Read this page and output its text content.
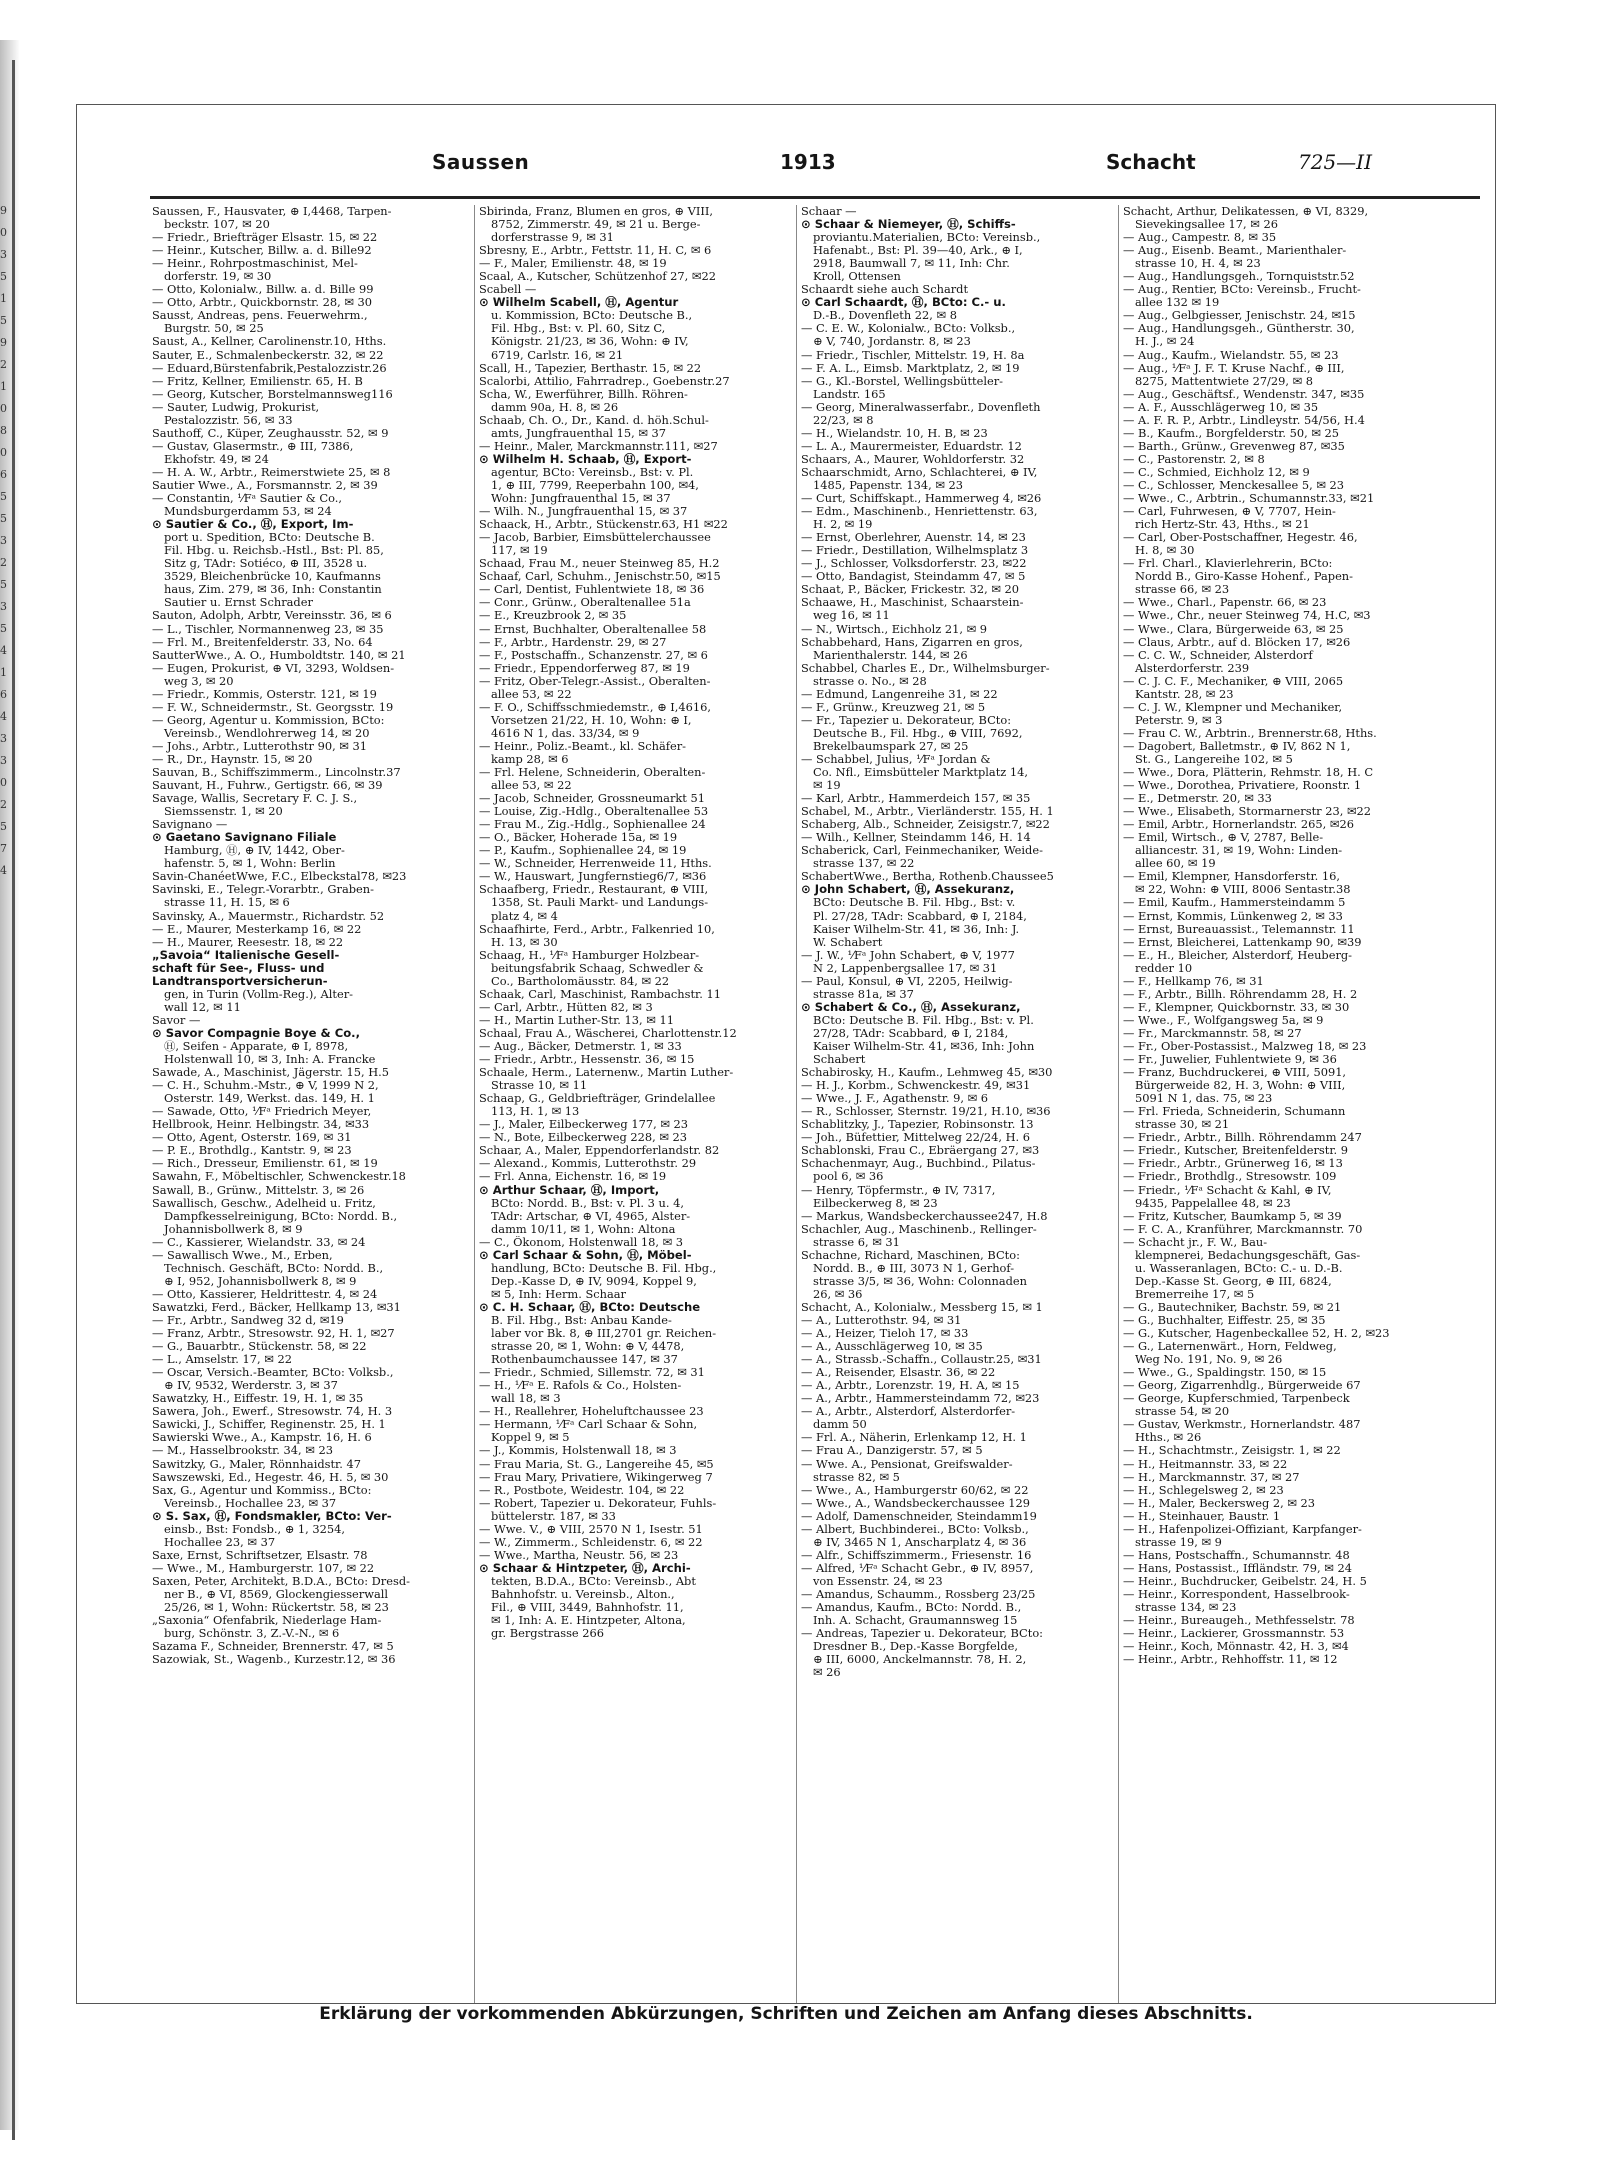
9
0
3
5
1
5
9
2
1
0
8
0
6
5
5
3
2
5
3
5
4
1
6
4
3
3
0
2
5
7
4
Saussen	1913	Schacht	725—II
Saussen, F., Hausvater, ⊕ I,4468, Tarpen-
beckstr. 107, ✉ 20
— Friedr., Briefträger Elsastr. 15, ✉ 22
— Heinr., Kutscher, Billw. a. d. Bille92
— Heinr., Rohrpostmaschinist, Mel-
dorferstr. 19, ✉ 30
— Otto, Kolonialw., Billw. a. d. Bille 99
— Otto, Arbtr., Quickbornstr. 28, ✉ 30
Sausst, Andreas, pens. Feuerwehrm.,
Burgstr. 50, ✉ 25
Saust, A., Kellner, Carolinenstr.10, Hths.
Sauter, E., Schmalenbeckerstr. 32, ✉ 22
— Eduard,Bürstenfabrik,Pestalozzistr.26
— Fritz, Kellner, Emilienstr. 65, H. B
— Georg, Kutscher, Borstelmannsweg116
— Sauter, Ludwig, Prokurist,
Pestalozzistr. 56, ✉ 33
Sauthoff, C., Küper, Zeughausstr. 52, ✉ 9
— Gustav, Glasermstr., ⊕ III, 7386,
Ekhofstr. 49, ✉ 24
— H. A. W., Arbtr., Reimerstwiete 25, ✉ 8
Sautier Wwe., A., Forsmannstr. 2, ✉ 39
— Constantin, ⅟Fᵃ Sautier & Co.,
Mundsburgerdamm 53, ✉ 24
⊙ Sautier & Co., Ⓗ, Export, Im-
port u. Spedition, BCto: Deutsche B.
Fil. Hbg. u. Reichsb.-Hstl., Bst: Pl. 85,
Sitz g, TAdr: Sotiéco, ⊕ III, 3528 u.
3529, Bleichenbrücke 10, Kaufmanns
haus, Zim. 279, ✉ 36, Inh: Constantin
Sautier u. Ernst Schrader
Sauton, Adolph, Arbtr, Vereinsstr. 36, ✉ 6
— L., Tischler, Normannenweg 23, ✉ 35
— Frl. M., Breitenfelderstr. 33, No. 64
SautterWwe., A. O., Humboldtstr. 140, ✉ 21
— Eugen, Prokurist, ⊕ VI, 3293, Woldsen-
weg 3, ✉ 20
— Friedr., Kommis, Osterstr. 121, ✉ 19
— F. W., Schneidermstr., St. Georgsstr. 19
— Georg, Agentur u. Kommission, BCto:
Vereinsb., Wendlohrerweg 14, ✉ 20
— Johs., Arbtr., Lutterothstr 90, ✉ 31
— R., Dr., Haynstr. 15, ✉ 20
Sauvan, B., Schiffszimmerm., Lincolnstr.37
Sauvant, H., Fuhrw., Gertigstr. 66, ✉ 39
Savage, Wallis, Secretary F. C. J. S.,
Siemssenstr. 1, ✉ 20
Savignano —
⊙ Gaetano Savignano Filiale
Hamburg, Ⓗ, ⊕ IV, 1442, Ober-
hafenstr. 5, ✉ 1, Wohn: Berlin
Savin-ChanéetWwe, F.C., Elbeckstal78, ✉23
Savinski, E., Telegr.-Vorarbtr., Graben-
strasse 11, H. 15, ✉ 6
Savinsky, A., Mauermstr., Richardstr. 52
— E., Maurer, Mesterkamp 16, ✉ 22
— H., Maurer, Reesestr. 18, ✉ 22
„Savoia“ Italienische Gesell-
schaft für See-, Fluss- und
Landtransportversicherun-
gen, in Turin (Vollm-Reg.), Alter-
wall 12, ✉ 11
Savor —
⊙ Savor Compagnie Boye & Co.,
Ⓗ, Seifen - Apparate, ⊕ I, 8978,
Holstenwall 10, ✉ 3, Inh: A. Francke
Sawade, A., Maschinist, Jägerstr. 15, H.5
— C. H., Schuhm.-Mstr., ⊕ V, 1999 N 2,
Osterstr. 149, Werkst. das. 149, H. 1
— Sawade, Otto, ⅟Fᵃ Friedrich Meyer,
Hellbrook, Heinr. Helbingstr. 34, ✉33
— Otto, Agent, Osterstr. 169, ✉ 31
— P. E., Brothdlg., Kantstr. 9, ✉ 23
— Rich., Dresseur, Emilienstr. 61, ✉ 19
Sawahn, F., Möbeltischler, Schwenckestr.18
Sawall, B., Grünw., Mittelstr. 3, ✉ 26
Sawallisch, Geschw., Adelheid u. Fritz,
Dampfkesselreinigung, BCto: Nordd. B.,
Johannisbollwerk 8, ✉ 9
— C., Kassierer, Wielandstr. 33, ✉ 24
— Sawallisch Wwe., M., Erben,
Technisch. Geschäft, BCto: Nordd. B.,
⊕ I, 952, Johannisbollwerk 8, ✉ 9
— Otto, Kassierer, Heldrittestr. 4, ✉ 24
Sawatzki, Ferd., Bäcker, Hellkamp 13, ✉31
— Fr., Arbtr., Sandweg 32 d, ✉19
— Franz, Arbtr., Stresowstr. 92, H. 1, ✉27
— G., Bauarbtr., Stückenstr. 58, ✉ 22
— L., Amselstr. 17, ✉ 22
— Oscar, Versich.-Beamter, BCto: Volksb.,
⊕ IV, 9532, Werderstr. 3, ✉ 37
Sawatzky, H., Eiffestr. 19, H. 1, ✉ 35
Sawera, Joh., Ewerf., Stresowstr. 74, H. 3
Sawicki, J., Schiffer, Reginenstr. 25, H. 1
Sawierski Wwe., A., Kampstr. 16, H. 6
— M., Hasselbrookstr. 34, ✉ 23
Sawitzky, G., Maler, Rönnhaidstr. 47
Sawszewski, Ed., Hegestr. 46, H. 5, ✉ 30
Sax, G., Agentur und Kommiss., BCto:
Vereinsb., Hochallee 23, ✉ 37
⊙ S. Sax, Ⓗ, Fondsmakler, BCto: Ver-
einsb., Bst: Fondsb., ⊕ 1, 3254,
Hochallee 23, ✉ 37
Saxe, Ernst, Schriftsetzer, Elsastr. 78
— Wwe., M., Hamburgerstr. 107, ✉ 22
Saxen, Peter, Architekt, B.D.A., BCto: Dresd-
ner B., ⊕ VI, 8569, Glockengiesserwall
25/26, ✉ 1, Wohn: Rückertstr. 58, ✉ 23
„Saxonia“ Ofenfabrik, Niederlage Ham-
burg, Schönstr. 3, Z.-V.-N., ✉ 6
Sazama F., Schneider, Brennerstr. 47, ✉ 5
Sazowiak, St., Wagenb., Kurzestr.12, ✉ 36
Sbirinda, Franz, Blumen en gros, ⊕ VIII,
8752, Zimmerstr. 49, ✉ 21 u. Berge-
dorferstrasse 9, ✉ 31
Sbresny, E., Arbtr., Fettstr. 11, H. C, ✉ 6
— F., Maler, Emilienstr. 48, ✉ 19
Scaal, A., Kutscher, Schützenhof 27, ✉22
Scabell —
⊙ Wilhelm Scabell, Ⓗ, Agentur
u. Kommission, BCto: Deutsche B.,
Fil. Hbg., Bst: v. Pl. 60, Sitz C,
Königstr. 21/23, ✉ 36, Wohn: ⊕ IV,
6719, Carlstr. 16, ✉ 21
Scall, H., Tapezier, Berthastr. 15, ✉ 22
Scalorbi, Attilio, Fahrradrep., Goebenstr.27
Scha, W., Ewerführer, Billh. Röhren-
damm 90a, H. 8, ✉ 26
Schaab, Ch. O., Dr., Kand. d. höh.Schul-
amts, Jungfrauenthal 15, ✉ 37
— Heinr., Maler, Marckmannstr.111, ✉27
⊙ Wilhelm H. Schaab, Ⓗ, Export-
agentur, BCto: Vereinsb., Bst: v. Pl.
1, ⊕ III, 7799, Reeperbahn 100, ✉4,
Wohn: Jungfrauenthal 15, ✉ 37
— Wilh. N., Jungfrauenthal 15, ✉ 37
Schaack, H., Arbtr., Stückenstr.63, H1 ✉22
— Jacob, Barbier, Eimsbüttelerchaussee
117, ✉ 19
Schaad, Frau M., neuer Steinweg 85, H.2
Schaaf, Carl, Schuhm., Jenischstr.50, ✉15
— Carl, Dentist, Fuhlentwiete 18, ✉ 36
— Conr., Grünw., Oberaltenallee 51a
— E., Kreuzbrook 2, ✉ 35
— Ernst, Buchhalter, Oberaltenallee 58
— F., Arbtr., Hardenstr. 29, ✉ 27
— F., Postschaffn., Schanzenstr. 27, ✉ 6
— Friedr., Eppendorferweg 87, ✉ 19
— Fritz, Ober-Telegr.-Assist., Oberalten-
allee 53, ✉ 22
— F. O., Schiffsschmiedemstr., ⊕ I,4616,
Vorsetzen 21/22, H. 10, Wohn: ⊕ I,
4616 N 1, das. 33/34, ✉ 9
— Heinr., Poliz.-Beamt., kl. Schäfer-
kamp 28, ✉ 6
— Frl. Helene, Schneiderin, Oberalten-
allee 53, ✉ 22
— Jacob, Schneider, Grossneumarkt 51
— Louise, Zig.-Hdlg., Oberaltenallee 53
— Frau M., Zig.-Hdlg., Sophienallee 24
— O., Bäcker, Hoherade 15a, ✉ 19
— P., Kaufm., Sophienallee 24, ✉ 19
— W., Schneider, Herrenweide 11, Hths.
— W., Hauswart, Jungfernstieg6/7, ✉36
Schaafberg, Friedr., Restaurant, ⊕ VIII,
1358, St. Pauli Markt- und Landungs-
platz 4, ✉ 4
Schaafhirte, Ferd., Arbtr., Falkenried 10,
H. 13, ✉ 30
Schaag, H., ⅟Fᵃ Hamburger Holzbear-
beitungsfabrik Schaag, Schwedler &
Co., Bartholomäusstr. 84, ✉ 22
Schaak, Carl, Maschinist, Rambachstr. 11
— Carl, Arbtr., Hütten 82, ✉ 3
— H., Martin Luther-Str. 13, ✉ 11
Schaal, Frau A., Wäscherei, Charlottenstr.12
— Aug., Bäcker, Detmerstr. 1, ✉ 33
— Friedr., Arbtr., Hessenstr. 36, ✉ 15
Schaale, Herm., Laternenw., Martin Luther-
Strasse 10, ✉ 11
Schaap, G., Geldbriefträger, Grindelallee
113, H. 1, ✉ 13
— J., Maler, Eilbeckerweg 177, ✉ 23
— N., Bote, Eilbeckerweg 228, ✉ 23
Schaar, A., Maler, Eppendorferlandstr. 82
— Alexand., Kommis, Lutterothstr. 29
— Frl. Anna, Eichenstr. 16, ✉ 19
⊙ Arthur Schaar, Ⓗ, Import,
BCto: Nordd. B., Bst: v. Pl. 3 u. 4,
TAdr: Artschar, ⊕ VI, 4965, Alster-
damm 10/11, ✉ 1, Wohn: Altona
— C., Ökonom, Holstenwall 18, ✉ 3
⊙ Carl Schaar & Sohn, Ⓗ, Möbel-
handlung, BCto: Deutsche B. Fil. Hbg.,
Dep.-Kasse D, ⊕ IV, 9094, Koppel 9,
✉ 5, Inh: Herm. Schaar
⊙ C. H. Schaar, Ⓗ, BCto: Deutsche
B. Fil. Hbg., Bst: Anbau Kande-
laber vor Bk. 8, ⊕ III,2701 gr. Reichen-
strasse 20, ✉ 1, Wohn: ⊕ V, 4478,
Rothenbaumchaussee 147, ✉ 37
— Friedr., Schmied, Sillemstr. 72, ✉ 31
— H., ⅟Fᵃ E. Rafols & Co., Holsten-
wall 18, ✉ 3
— H., Reallehrer, Hoheluftchaussee 23
— Hermann, ⅟Fᵃ Carl Schaar & Sohn,
Koppel 9, ✉ 5
— J., Kommis, Holstenwall 18, ✉ 3
— Frau Maria, St. G., Langereihe 45, ✉5
— Frau Mary, Privatiere, Wikingerweg 7
— R., Postbote, Weidestr. 104, ✉ 22
— Robert, Tapezier u. Dekorateur, Fuhls-
büttelerstr. 187, ✉ 33
— Wwe. V., ⊕ VIII, 2570 N 1, Isestr. 51
— W., Zimmerm., Schleidenstr. 6, ✉ 22
— Wwe., Martha, Neustr. 56, ✉ 23
⊙ Schaar & Hintzpeter, Ⓗ, Archi-
tekten, B.D.A., BCto: Vereinsb., Abt
Bahnhofstr. u. Vereinsb., Alton.,
Fil., ⊕ VIII, 3449, Bahnhofstr. 11,
✉ 1, Inh: A. E. Hintzpeter, Altona,
gr. Bergstrasse 266
Schaar —
⊙ Schaar & Niemeyer, Ⓗ, Schiffs-
proviantu.Materialien, BCto: Vereinsb.,
Hafenabt., Bst: Pl. 39—40, Ark., ⊕ I,
2918, Baumwall 7, ✉ 11, Inh: Chr.
Kroll, Ottensen
Schaardt siehe auch Schardt
⊙ Carl Schaardt, Ⓗ, BCto: C.- u.
D.-B., Dovenfleth 22, ✉ 8
— C. E. W., Kolonialw., BCto: Volksb.,
⊕ V, 740, Jordanstr. 8, ✉ 23
— Friedr., Tischler, Mittelstr. 19, H. 8a
— F. A. L., Eimsb. Marktplatz, 2, ✉ 19
— G., Kl.-Borstel, Wellingsbütteler-
Landstr. 165
— Georg, Mineralwasserfabr., Dovenfleth
22/23, ✉ 8
— H., Wielandstr. 10, H. B, ✉ 23
— L. A., Maurermeister, Eduardstr. 12
Schaars, A., Maurer, Wohldorferstr. 32
Schaarschmidt, Arno, Schlachterei, ⊕ IV,
1485, Papenstr. 134, ✉ 23
— Curt, Schiffskapt., Hammerweg 4, ✉26
— Edm., Maschinenb., Henriettenstr. 63,
H. 2, ✉ 19
— Ernst, Oberlehrer, Auenstr. 14, ✉ 23
— Friedr., Destillation, Wilhelmsplatz 3
— J., Schlosser, Volksdorferstr. 23, ✉22
— Otto, Bandagist, Steindamm 47, ✉ 5
Schaat, P., Bäcker, Frickestr. 32, ✉ 20
Schaawe, H., Maschinist, Schaarstein-
weg 16, ✉ 11
— N., Wirtsch., Eichholz 21, ✉ 9
Schabbehard, Hans, Zigarren en gros,
Marienthalerstr. 144, ✉ 26
Schabbel, Charles E., Dr., Wilhelmsburger-
strasse o. No., ✉ 28
— Edmund, Langenreihe 31, ✉ 22
— F., Grünw., Kreuzweg 21, ✉ 5
— Fr., Tapezier u. Dekorateur, BCto:
Deutsche B., Fil. Hbg., ⊕ VIII, 7692,
Brekelbaumspark 27, ✉ 25
— Schabbel, Julius, ⅟Fᵃ Jordan &
Co. Nfl., Eimsbütteler Marktplatz 14,
✉ 19
— Karl, Arbtr., Hammerdeich 157, ✉ 35
Schabel, M., Arbtr., Vierländerstr. 155, H. 1
Schaberg, Alb., Schneider, Zeisigstr.7, ✉22
— Wilh., Kellner, Steindamm 146, H. 14
Schaberick, Carl, Feinmechaniker, Weide-
strasse 137, ✉ 22
SchabertWwe., Bertha, Rothenb.Chaussee5
⊙ John Schabert, Ⓗ, Assekuranz,
BCto: Deutsche B. Fil. Hbg., Bst: v.
Pl. 27/28, TAdr: Scabbard, ⊕ I, 2184,
Kaiser Wilhelm-Str. 41, ✉ 36, Inh: J.
W. Schabert
— J. W., ⅟Fᵃ John Schabert, ⊕ V, 1977
N 2, Lappenbergsallee 17, ✉ 31
— Paul, Konsul, ⊕ VI, 2205, Heilwig-
strasse 81a, ✉ 37
⊙ Schabert & Co., Ⓗ, Assekuranz,
BCto: Deutsche B. Fil. Hbg., Bst: v. Pl.
27/28, TAdr: Scabbard, ⊕ I, 2184,
Kaiser Wilhelm-Str. 41, ✉36, Inh: John
Schabert
Schabirosky, H., Kaufm., Lehmweg 45, ✉30
— H. J., Korbm., Schwenckestr. 49, ✉31
— Wwe., J. F., Agathenstr. 9, ✉ 6
— R., Schlosser, Sternstr. 19/21, H.10, ✉36
Schablitzky, J., Tapezier, Robinsonstr. 13
— Joh., Büfettier, Mittelweg 22/24, H. 6
Schablonski, Frau C., Ebräergang 27, ✉3
Schachenmayr, Aug., Buchbind., Pilatus-
pool 6, ✉ 36
— Henry, Töpfermstr., ⊕ IV, 7317,
Eilbeckerweg 8, ✉ 23
— Markus, Wandsbeckerchaussee247, H.8
Schachler, Aug., Maschinenb., Rellinger-
strasse 6, ✉ 31
Schachne, Richard, Maschinen, BCto:
Nordd. B., ⊕ III, 3073 N 1, Gerhof-
strasse 3/5, ✉ 36, Wohn: Colonnaden
26, ✉ 36
Schacht, A., Kolonialw., Messberg 15, ✉ 1
— A., Lutterothstr. 94, ✉ 31
— A., Heizer, Tieloh 17, ✉ 33
— A., Ausschlägerweg 10, ✉ 35
— A., Strassb.-Schaffn., Collaustr.25, ✉31
— A., Reisender, Elsastr. 36, ✉ 22
— A., Arbtr., Lorenzstr. 19, H. A, ✉ 15
— A., Arbtr., Hammersteindamm 72, ✉23
— A., Arbtr., Alsterdorf, Alsterdorfer-
damm 50
— Frl. A., Näherin, Erlenkamp 12, H. 1
— Frau A., Danzigerstr. 57, ✉ 5
— Wwe. A., Pensionat, Greifswalder-
strasse 82, ✉ 5
— Wwe., A., Hamburgerstr 60/62, ✉ 22
— Wwe., A., Wandsbeckerchaussee 129
— Adolf, Damenschneider, Steindamm19
— Albert, Buchbinderei., BCto: Volksb.,
⊕ IV, 3465 N 1, Anscharplatz 4, ✉ 36
— Alfr., Schiffszimmerm., Friesenstr. 16
— Alfred, ⅟Fᵃ Schacht Gebr., ⊕ IV, 8957,
von Essenstr. 24, ✉ 23
— Amandus, Schaumm., Rossberg 23/25
— Amandus, Kaufm., BCto: Nordd. B.,
Inh. A. Schacht, Graumannsweg 15
— Andreas, Tapezier u. Dekorateur, BCto:
Dresdner B., Dep.-Kasse Borgfelde,
⊕ III, 6000, Anckelmannstr. 78, H. 2,
✉ 26
Schacht, Arthur, Delikatessen, ⊕ VI, 8329,
Sievekingsallee 17, ✉ 26
— Aug., Campestr. 8, ✉ 35
— Aug., Eisenb. Beamt., Marienthaler-
strasse 10, H. 4, ✉ 23
— Aug., Handlungsgeh., Tornquiststr.52
— Aug., Rentier, BCto: Vereinsb., Frucht-
allee 132 ✉ 19
— Aug., Gelbgiesser, Jenischstr. 24, ✉15
— Aug., Handlungsgeh., Güntherstr. 30,
H. J., ✉ 24
— Aug., Kaufm., Wielandstr. 55, ✉ 23
— Aug., ⅟Fᵃ J. F. T. Kruse Nachf., ⊕ III,
8275, Mattentwiete 27/29, ✉ 8
— Aug., Geschäftsf., Wendenstr. 347, ✉35
— A. F., Ausschlägerweg 10, ✉ 35
— A. F. R. P., Arbtr., Lindleystr. 54/56, H.4
— B., Kaufm., Borgfelderstr. 50, ✉ 25
— Barth., Grünw., Grevenweg 87, ✉35
— C., Pastorenstr. 2, ✉ 8
— C., Schmied, Eichholz 12, ✉ 9
— C., Schlosser, Menckesallee 5, ✉ 23
— Wwe., C., Arbtrin., Schumannstr.33, ✉21
— Carl, Fuhrwesen, ⊕ V, 7707, Hein-
rich Hertz-Str. 43, Hths., ✉ 21
— Carl, Ober-Postschaffner, Hegestr. 46,
H. 8, ✉ 30
— Frl. Charl., Klavierlehrerin, BCto:
Nordd B., Giro-Kasse Hohenf., Papen-
strasse 66, ✉ 23
— Wwe., Charl., Papenstr. 66, ✉ 23
— Wwe., Chr., neuer Steinweg 74, H.C, ✉3
— Wwe., Clara, Bürgerweide 63, ✉ 25
— Claus, Arbtr., auf d. Blöcken 17, ✉26
— C. C. W., Schneider, Alsterdorf
Alsterdorferstr. 239
— C. J. C. F., Mechaniker, ⊕ VIII, 2065
Kantstr. 28, ✉ 23
— C. J. W., Klempner und Mechaniker,
Peterstr. 9, ✉ 3
— Frau C. W., Arbtrin., Brennerstr.68, Hths.
— Dagobert, Balletmstr., ⊕ IV, 862 N 1,
St. G., Langereihe 102, ✉ 5
— Wwe., Dora, Plätterin, Rehmstr. 18, H. C
— Wwe., Dorothea, Privatiere, Roonstr. 1
— E., Detmerstr. 20, ✉ 33
— Wwe., Elisabeth, Stormarnerstr 23, ✉22
— Emil, Arbtr., Hornerlandstr. 265, ✉26
— Emil, Wirtsch., ⊕ V, 2787, Belle-
alliancestr. 31, ✉ 19, Wohn: Linden-
allee 60, ✉ 19
— Emil, Klempner, Hansdorferstr. 16,
✉ 22, Wohn: ⊕ VIII, 8006 Sentastr.38
— Emil, Kaufm., Hammersteindamm 5
— Ernst, Kommis, Lünkenweg 2, ✉ 33
— Ernst, Bureauassist., Telemannstr. 11
— Ernst, Bleicherei, Lattenkamp 90, ✉39
— E., H., Bleicher, Alsterdorf, Heuberg-
redder 10
— F., Hellkamp 76, ✉ 31
— F., Arbtr., Billh. Röhrendamm 28, H. 2
— F., Klempner, Quickbornstr. 33, ✉ 30
— Wwe., F., Wolfgangsweg 5a, ✉ 9
— Fr., Marckmannstr. 58, ✉ 27
— Fr., Ober-Postassist., Malzweg 18, ✉ 23
— Fr., Juwelier, Fuhlentwiete 9, ✉ 36
— Franz, Buchdruckerei, ⊕ VIII, 5091,
Bürgerweide 82, H. 3, Wohn: ⊕ VIII,
5091 N 1, das. 75, ✉ 23
— Frl. Frieda, Schneiderin, Schumann
strasse 30, ✉ 21
— Friedr., Arbtr., Billh. Röhrendamm 247
— Friedr., Kutscher, Breitenfelderstr. 9
— Friedr., Arbtr., Grünerweg 16, ✉ 13
— Friedr., Brothdlg., Stresowstr. 109
— Friedr., ⅟Fᵃ Schacht & Kahl, ⊕ IV,
9435, Pappelallee 48, ✉ 23
— Fritz, Kutscher, Baumkamp 5, ✉ 39
— F. C. A., Kranführer, Marckmannstr. 70
— Schacht jr., F. W., Bau-
klempnerei, Bedachungsgeschäft, Gas-
u. Wasseranlagen, BCto: C.- u. D.-B.
Dep.-Kasse St. Georg, ⊕ III, 6824,
Bremerreihe 17, ✉ 5
— G., Bautechniker, Bachstr. 59, ✉ 21
— G., Buchhalter, Eiffestr. 25, ✉ 35
— G., Kutscher, Hagenbeckallee 52, H. 2, ✉23
— G., Laternenwärt., Horn, Feldweg,
Weg No. 191, No. 9, ✉ 26
— Wwe., G., Spaldingstr. 150, ✉ 15
— Georg, Zigarrenhdlg., Bürgerweide 67
— George, Kupferschmied, Tarpenbeck
strasse 54, ✉ 20
— Gustav, Werkmstr., Hornerlandstr. 487
Hths., ✉ 26
— H., Schachtmstr., Zeisigstr. 1, ✉ 22
— H., Heitmannstr. 33, ✉ 22
— H., Marckmannstr. 37, ✉ 27
— H., Schlegelsweg 2, ✉ 23
— H., Maler, Beckersweg 2, ✉ 23
— H., Steinhauer, Baustr. 1
— H., Hafenpolizei-Offiziant, Karpfanger-
strasse 19, ✉ 9
— Hans, Postschaffn., Schumannstr. 48
— Hans, Postassist., Iffländstr. 79, ✉ 24
— Heinr., Buchdrucker, Geibelstr. 24, H. 5
— Heinr., Korrespondent, Hasselbrook-
strasse 134, ✉ 23
— Heinr., Bureaugeh., Methfesselstr. 78
— Heinr., Lackierer, Grossmannstr. 53
— Heinr., Koch, Mönnastr. 42, H. 3, ✉4
— Heinr., Arbtr., Rehhoffstr. 11, ✉ 12
Erklärung der vorkommenden Abkürzungen, Schriften und Zeichen am Anfang dieses Abschnitts.
